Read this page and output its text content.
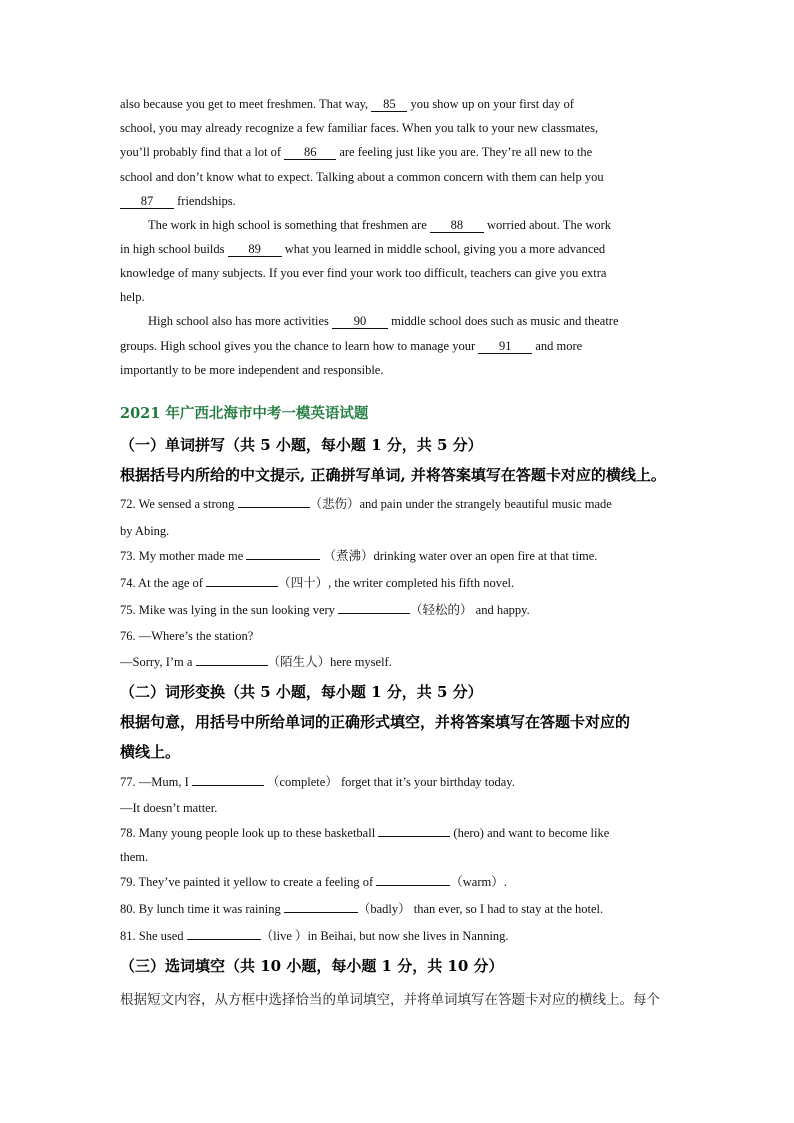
also because you get to meet freshmen. That way, 85 you show up on your first day of
school, you may already recognize a few familiar faces. When you talk to your new classmates,
you’ll probably find that a lot of 86 are feeling just like you are. They’re all new to the
school and don’t know what to expect. Talking about a common concern with them can help you
87 friendships.
The work in high school is something that freshmen are 88 worried about. The work
in high school builds 89 what you learned in middle school, giving you a more advanced
knowledge of many subjects. If you ever find your work too difficult, teachers can give you extra
help.
High school also has more activities 90 middle school does such as music and theatre
groups. High school gives you the chance to learn how to manage your 91 and more
importantly to be more independent and responsible.
2021 年广西北海市中考一模英语试题
（一）单词拼写（共 5 小题，每小题 1 分，共 5 分）
根据括号内所给的中文提示, 正确拼写单词, 并将答案填写在答题卡对应的横线上。
72. We sensed a strong	（悲伤）and pain under the strangely beautiful music made
by Abing.
73. My mother made me	（煮沸）drinking water over an open fire at that time.
74. At the age of	（四十）, the writer completed his fifth novel.
75. Mike was lying in the sun looking very	（轻松的） and happy.
76. —Where’s the station?
—Sorry, I’m a	（陌生人）here myself.
（二）词形变换（共 5 小题，每小题 1 分，共 5 分）
根据句意，用括号中所给单词的正确形式填空，并将答案填写在答题卡对应的
横线上。
77. —Mum, I	（complete） forget that it’s your birthday today.
—It doesn’t matter.
78. Many young people look up to these basketball	(hero) and want to become like
them.
79. They’ve painted it yellow to create a feeling of	（warm）.
80. By lunch time it was raining	（badly） than ever, so I had to stay at the hotel.
81. She used	（live ）in Beihai, but now she lives in Nanning.
（三）选词填空（共 10 小题，每小题 1 分，共 10 分）
根据短文内容，从方框中选择恰当的单词填空，并将单词填写在答题卡对应的横线上。每个
